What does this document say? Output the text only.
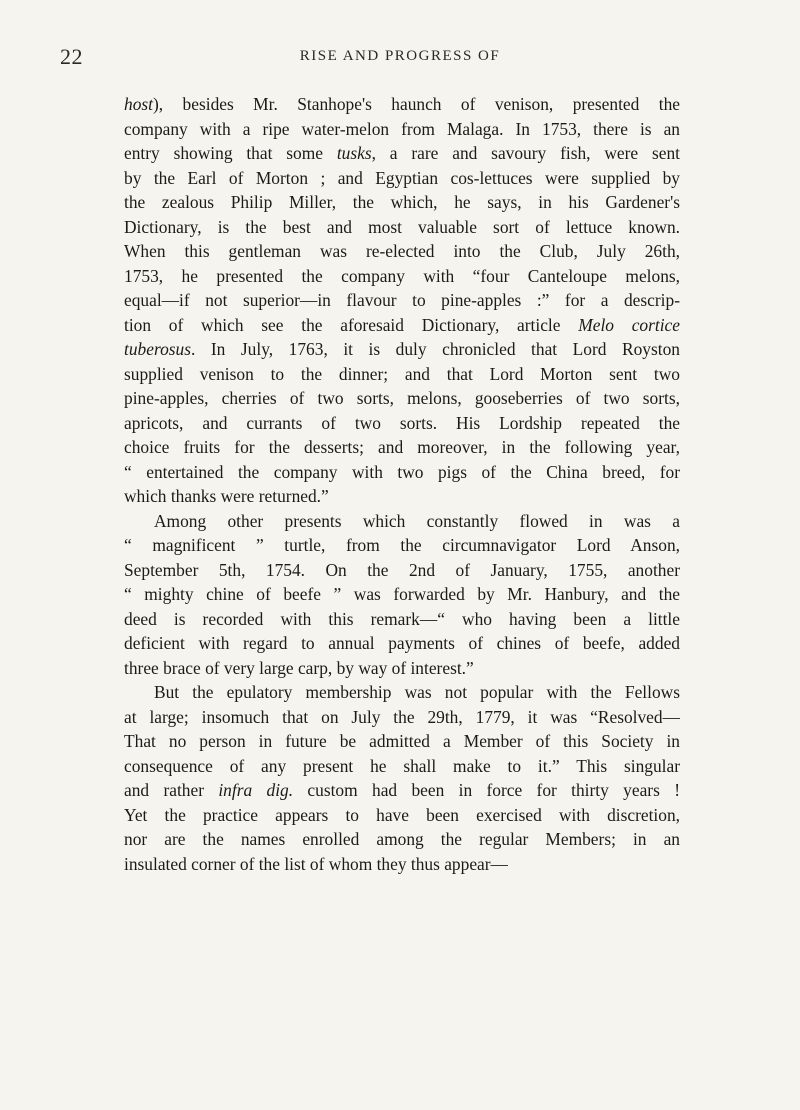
22	RISE AND PROGRESS OF
host), besides Mr. Stanhope's haunch of venison, presented the
company with a ripe water-melon from Malaga. In 1753, there is an
entry showing that some tusks, a rare and savoury fish, were sent
by the Earl of Morton ; and Egyptian cos-lettuces were supplied by
the zealous Philip Miller, the which, he says, in his Gardener's
Dictionary, is the best and most valuable sort of lettuce known.
When this gentleman was re-elected into the Club, July 26th,
1753, he presented the company with “four Canteloupe melons,
equal—if not superior—in flavour to pine-apples :” for a descrip-
tion of which see the aforesaid Dictionary, article Melo cortice
tuberosus. In July, 1763, it is duly chronicled that Lord Royston
supplied venison to the dinner; and that Lord Morton sent two
pine-apples, cherries of two sorts, melons, gooseberries of two sorts,
apricots, and currants of two sorts. His Lordship repeated the
choice fruits for the desserts; and moreover, in the following year,
“ entertained the company with two pigs of the China breed, for
which thanks were returned.”
Among other presents which constantly flowed in was a
“ magnificent ” turtle, from the circumnavigator Lord Anson,
September 5th, 1754. On the 2nd of January, 1755, another
“ mighty chine of beefe ” was forwarded by Mr. Hanbury, and the
deed is recorded with this remark—“ who having been a little
deficient with regard to annual payments of chines of beefe, added
three brace of very large carp, by way of interest.”
But the epulatory membership was not popular with the Fellows
at large; insomuch that on July the 29th, 1779, it was “Resolved—
That no person in future be admitted a Member of this Society in
consequence of any present he shall make to it.” This singular
and rather infra dig. custom had been in force for thirty years !
Yet the practice appears to have been exercised with discretion,
nor are the names enrolled among the regular Members; in an
insulated corner of the list of whom they thus appear—
